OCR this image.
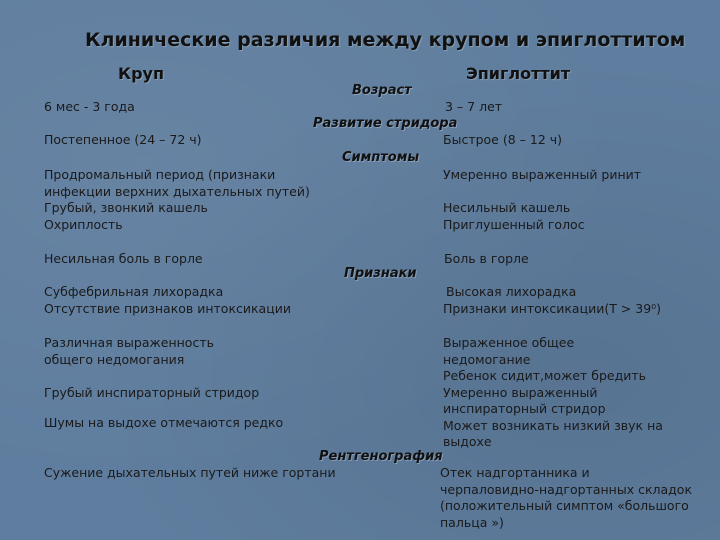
Клинические различия между крупом и эпиглоттитом
Круп	Эпиглоттит
Возраст
Развитие стридора
Симптомы
Признаки
Рентгенография
6 мес - 3 года
Постепенное (24 – 72 ч)
Продромальный период (признаки
инфекции верхних дыхательных путей)
Грубый, звонкий кашель
Охриплость
Несильная боль в горле
Субфебрильная лихорадка
Отсутствие признаков интоксикации
Различная выраженность
общего недомогания
Грубый инспираторный стридор
Шумы на выдохе отмечаются редко
Сужение дыхательных путей ниже гортани
3 – 7 лет
Быстрое (8 – 12 ч)
Умеренно выраженный ринит
Несильный кашель
Приглушенный голос
Боль в горле
Высокая лихорадка
Признаки интоксикации(Т > 39⁰)
Выраженное общее
недомогание
Ребенок сидит,может бредить
Умеренно выраженный
инспираторный стридор
Может возникать низкий звук на
выдохе
Отек надгортанника и
черпаловидно-надгортанных складок
(положительный симптом «большого
пальца »)
